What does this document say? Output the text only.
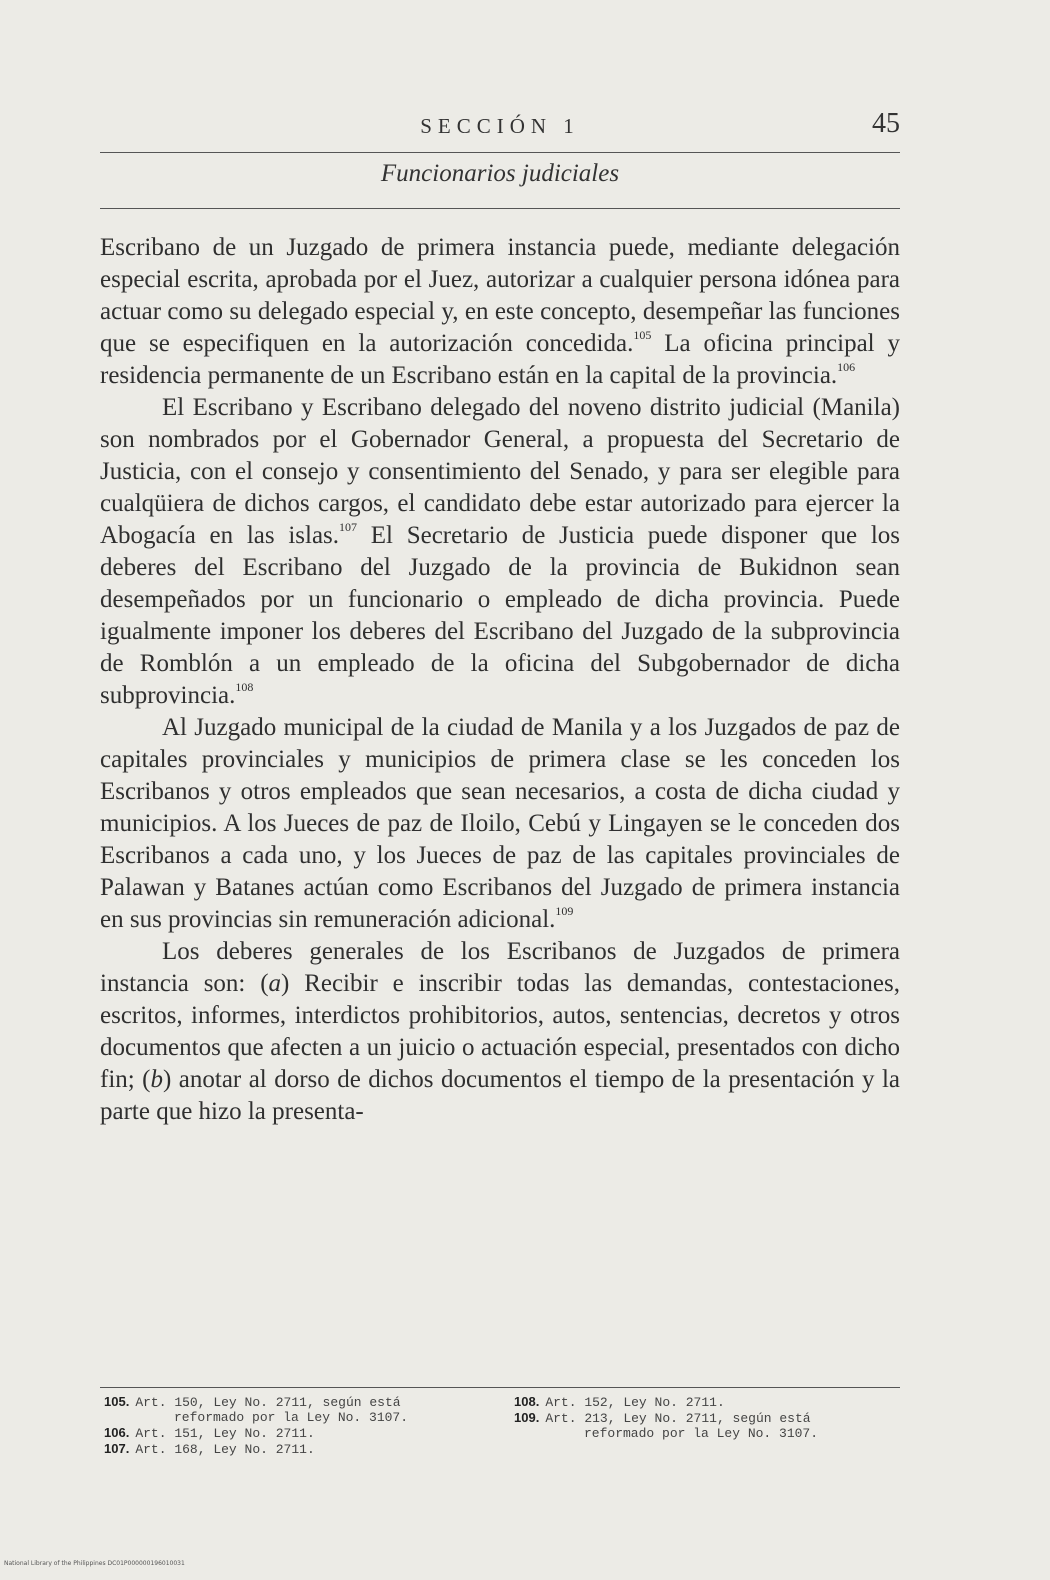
SECCIÓN 1	45
Funcionarios judiciales

Escribano de un Juzgado de primera instancia puede, mediante delegación especial escrita, aprobada por el Juez, autorizar a cualquier persona idónea para actuar como su delegado especial y, en este concepto, desempeñar las funciones que se especifiquen en la autorización concedida.$^{105}$ La oficina principal y residencia permanente de un Escribano están en la capital de la provincia.$^{106}$

El Escribano y Escribano delegado del noveno distrito judicial (Manila) son nombrados por el Gobernador General, a propuesta del Secretario de Justicia, con el consejo y consentimiento del Senado, y para ser elegible para cualqüiera de dichos cargos, el candidato debe estar autorizado para ejercer la Abogacía en las islas.$^{107}$ El Secretario de Justicia puede disponer que los deberes del Escribano del Juzgado de la provincia de Bukidnon sean desempeñados por un funcionario o empleado de dicha provincia. Puede igualmente imponer los deberes del Escribano del Juzgado de la subprovincia de Romblón a un empleado de la oficina del Subgobernador de dicha subprovincia.$^{108}$

Al Juzgado municipal de la ciudad de Manila y a los Juzgados de paz de capitales provinciales y municipios de primera clase se les conceden los Escribanos y otros empleados que sean necesarios, a costa de dicha ciudad y municipios. A los Jueces de paz de Iloilo, Cebú y Lingayen se le conceden dos Escribanos a cada uno, y los Jueces de paz de las capitales provinciales de Palawan y Batanes actúan como Escribanos del Juzgado de primera instancia en sus provincias sin remuneración adicional.$^{109}$

Los deberes generales de los Escribanos de Juzgados de primera instancia son: (a) Recibir e inscribir todas las demandas, contestaciones, escritos, informes, interdictos prohibitorios, autos, sentencias, decretos y otros documentos que afecten a un juicio o actuación especial, presentados con dicho fin; (b) anotar al dorso de dichos documentos el tiempo de la presentación y la parte que hizo la presenta-

105. Art. 150, Ley No. 2711, según está
reformado por la Ley No. 3107.
106. Art. 151, Ley No. 2711.
107. Art. 168, Ley No. 2711.
108. Art. 152, Ley No. 2711.
109. Art. 213, Ley No. 2711, según está
reformado por la Ley No. 3107.
National Library of the Philippines DC01P000000196010031
